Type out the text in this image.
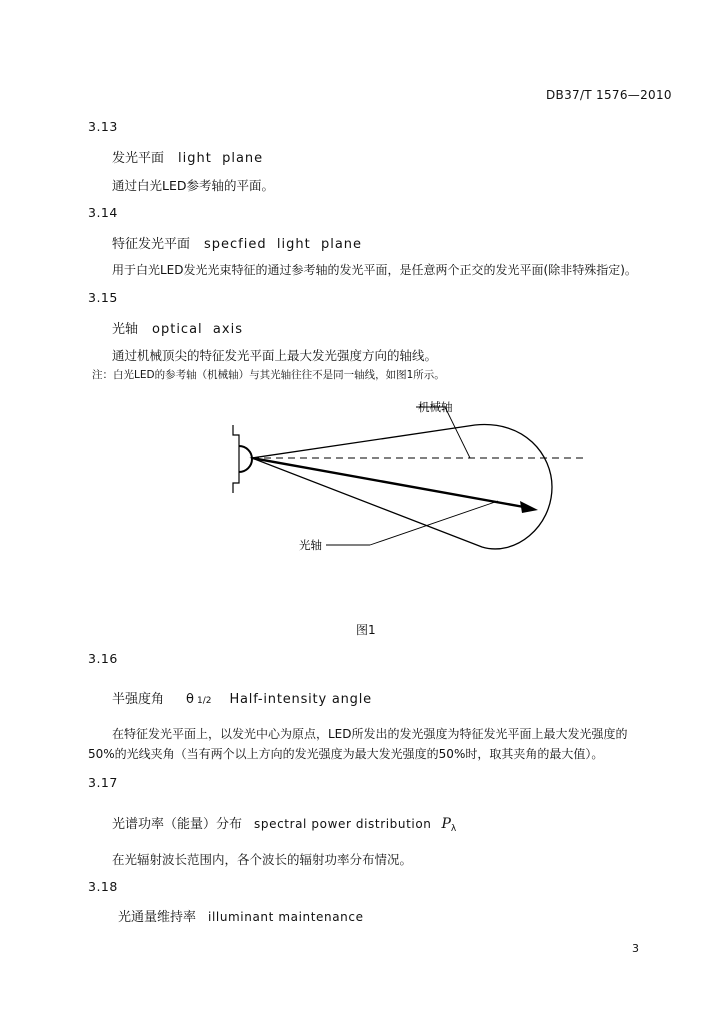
DB37/T 1576—2010
3.13
发光平面 light  plane
通过白光LED参考轴的平面。
3.14
特征发光平面 specfied  light  plane
用于白光LED发光光束特征的通过参考轴的发光平面，是任意两个正交的发光平面(除非特殊指定)。
3.15
光轴 optical  axis
通过机械顶尖的特征发光平面上最大发光强度方向的轴线。
注：白光LED的参考轴（机械轴）与其光轴往往不是同一轴线，如图1所示。
机械轴
光轴
图1
3.16
半强度角 θ 1/2 Half-intensity angle
在特征发光平面上，以发光中心为原点，LED所发出的发光强度为特征发光平面上最大发光强度的
50%的光线夹角（当有两个以上方向的发光强度为最大发光强度的50%时，取其夹角的最大值）。
3.17
光谱功率（能量）分布 spectral power distribution $P_\lambda$
在光辐射波长范围内，各个波长的辐射功率分布情况。
3.18
光通量维持率 illuminant maintenance
3
